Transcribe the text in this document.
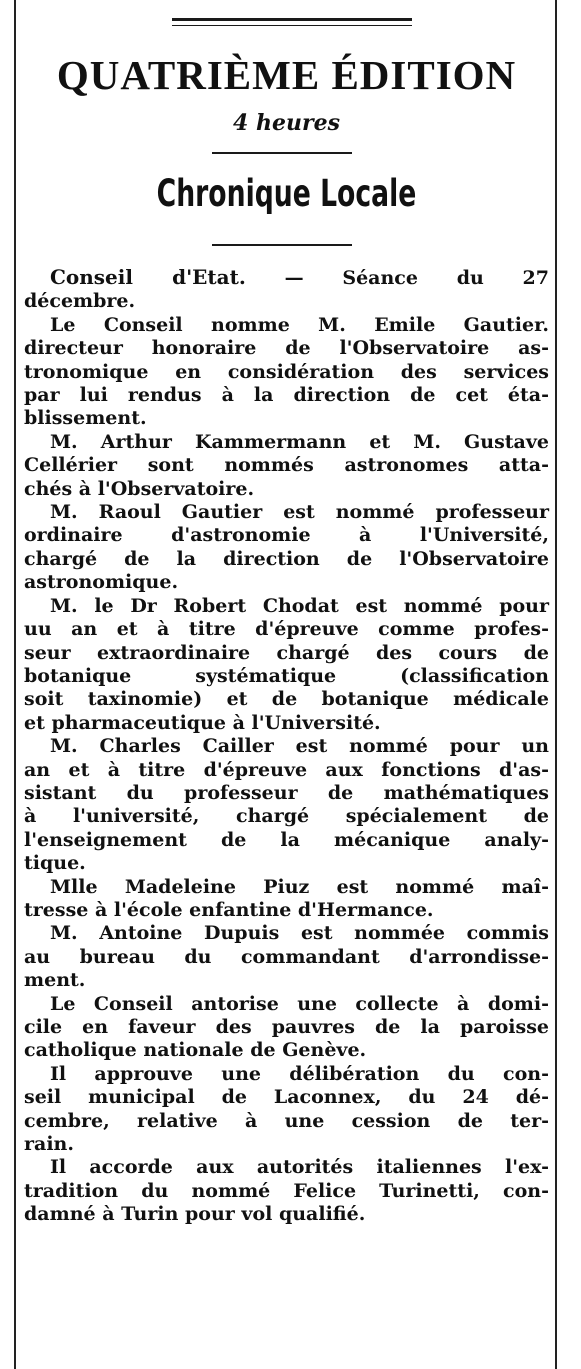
QUATRIÈME ÉDITION
4 heures
Chronique Locale
Conseil d'Etat. — Séance du 27
décembre.
Le Conseil nomme M. Emile Gautier.
directeur honoraire de l'Observatoire as-
tronomique en considération des services
par lui rendus à la direction de cet éta-
blissement.
M. Arthur Kammermann et M. Gustave
Cellérier sont nommés astronomes atta-
chés à l'Observatoire.
M. Raoul Gautier est nommé professeur
ordinaire d'astronomie à l'Université,
chargé de la direction de l'Observatoire
astronomique.
M. le Dr Robert Chodat est nommé pour
uu an et à titre d'épreuve comme profes-
seur extraordinaire chargé des cours de
botanique systématique (classification
soit taxinomie) et de botanique médicale
et pharmaceutique à l'Université.
M. Charles Cailler est nommé pour un
an et à titre d'épreuve aux fonctions d'as-
sistant du professeur de mathématiques
à l'université, chargé spécialement de
l'enseignement de la mécanique analy-
tique.
Mlle Madeleine Piuz est nommé maî-
tresse à l'école enfantine d'Hermance.
M. Antoine Dupuis est nommée commis
au bureau du commandant d'arrondisse-
ment.
Le Conseil antorise une collecte à domi-
cile en faveur des pauvres de la paroisse
catholique nationale de Genève.
Il approuve une délibération du con-
seil municipal de Laconnex, du 24 dé-
cembre, relative à une cession de ter-
rain.
Il accorde aux autorités italiennes l'ex-
tradition du nommé Felice Turinetti, con-
damné à Turin pour vol qualifié.
